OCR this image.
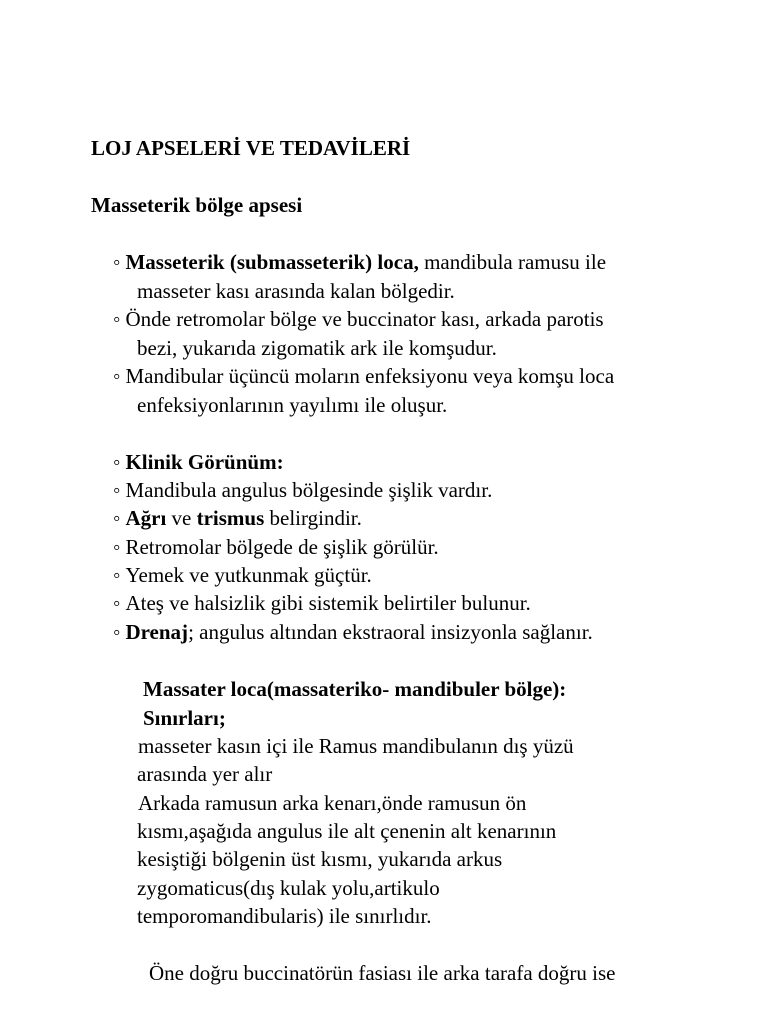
LOJ APSELERİ VE TEDAVİLERİ
Masseterik bölge apsesi
◦ Masseterik (submasseterik) loca, mandibula ramusu ile
masseter kası arasında kalan bölgedir.
◦ Önde retromolar bölge ve buccinator kası, arkada parotis
bezi, yukarıda zigomatik ark ile komşudur.
◦ Mandibular üçüncü moların enfeksiyonu veya komşu loca
enfeksiyonlarının yayılımı ile oluşur.
◦ Klinik Görünüm:
◦ Mandibula angulus bölgesinde şişlik vardır.
◦ Ağrı ve trismus belirgindir.
◦ Retromolar bölgede de şişlik görülür.
◦ Yemek ve yutkunmak güçtür.
◦ Ateş ve halsizlik gibi sistemik belirtiler bulunur.
◦ Drenaj; angulus altından ekstraoral insizyonla sağlanır.
Massater loca(massateriko- mandibuler bölge):
Sınırları;
masseter kasın içi ile Ramus mandibulanın dış yüzü
arasında yer alır
Arkada ramusun arka kenarı,önde ramusun ön
kısmı,aşağıda angulus ile alt çenenin alt kenarının
kesiştiği bölgenin üst kısmı, yukarıda arkus
zygomaticus(dış kulak yolu,artikulo
temporomandibularis) ile sınırlıdır.
Öne doğru buccinatörün fasiası ile arka tarafa doğru ise
